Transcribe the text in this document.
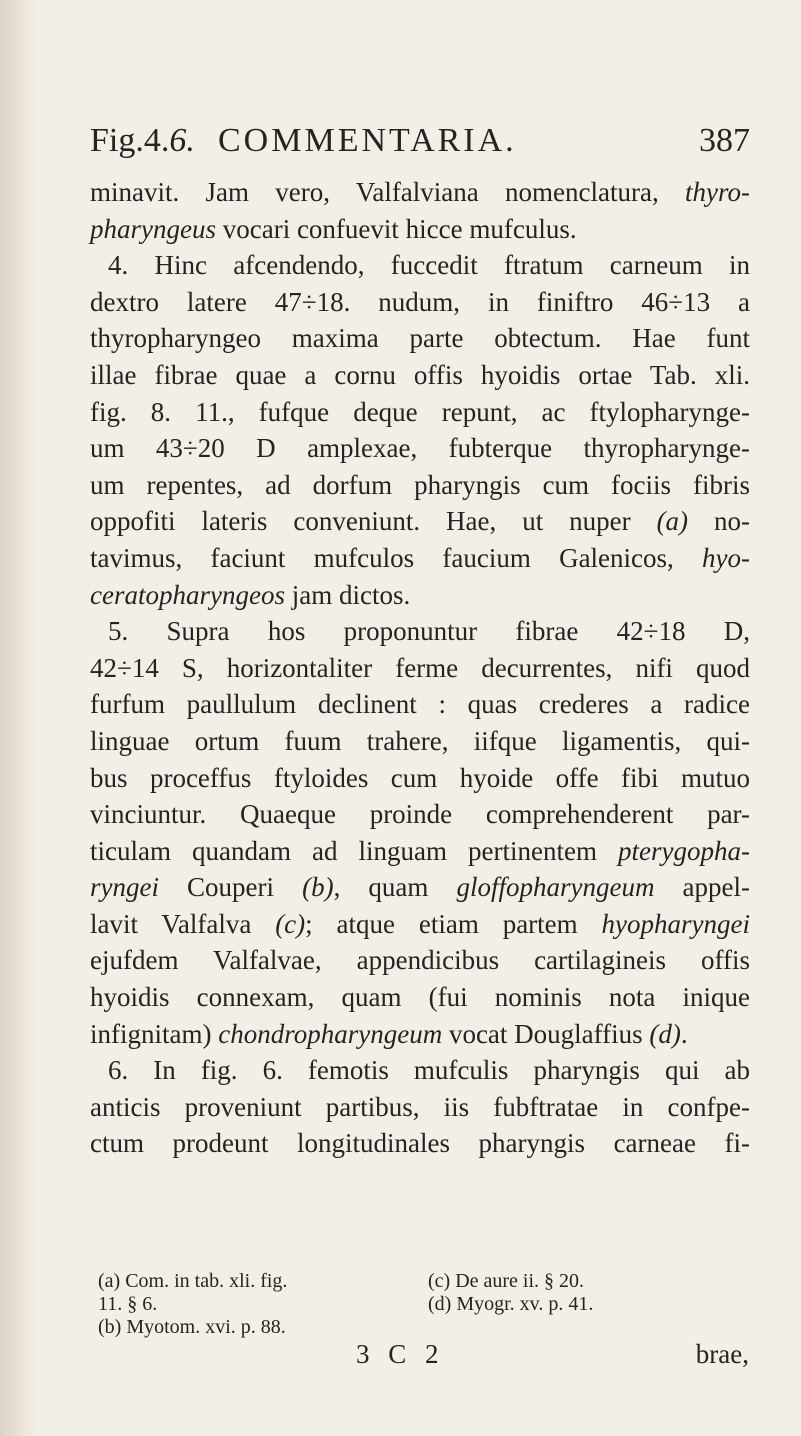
Fig.4.6. COMMENTARIA.	387
minavit. Jam vero, Valfalviana nomenclatura, thyro-
pharyngeus vocari confuevit hicce mufculus.
4. Hinc afcendendo, fuccedit ftratum carneum in
dextro latere 47÷18. nudum, in finiftro 46÷13 a
thyropharyngeo maxima parte obtectum. Hae funt
illae fibrae quae a cornu offis hyoidis ortae Tab. xli.
fig. 8. 11., fufque deque repunt, ac ftylopharynge-
um 43÷20 D amplexae, fubterque thyropharynge-
um repentes, ad dorfum pharyngis cum fociis fibris
oppofiti lateris conveniunt. Hae, ut nuper (a) no-
tavimus, faciunt mufculos faucium Galenicos, hyo-
ceratopharyngeos jam dictos.
5. Supra hos proponuntur fibrae 42÷18 D,
42÷14 S, horizontaliter ferme decurrentes, nifi quod
furfum paullulum declinent : quas crederes a radice
linguae ortum fuum trahere, iifque ligamentis, qui-
bus proceffus ftyloides cum hyoide offe fibi mutuo
vinciuntur. Quaeque proinde comprehenderent par-
ticulam quandam ad linguam pertinentem pterygopha-
ryngei Couperi (b), quam gloffopharyngeum appel-
lavit Valfalva (c); atque etiam partem hyopharyngei
ejufdem Valfalvae, appendicibus cartilagineis offis
hyoidis connexam, quam (fui nominis nota inique
infignitam) chondropharyngeum vocat Douglaffius (d).
6. In fig. 6. femotis mufculis pharyngis qui ab
anticis proveniunt partibus, iis fubftratae in confpe-
ctum prodeunt longitudinales pharyngis carneae fi-
(a) Com. in tab. xli. fig.	(c) De aure ii. § 20.
11. § 6.	(d) Myogr. xv. p. 41.
(b) Myotom. xvi. p. 88.
3 C 2	brae,
